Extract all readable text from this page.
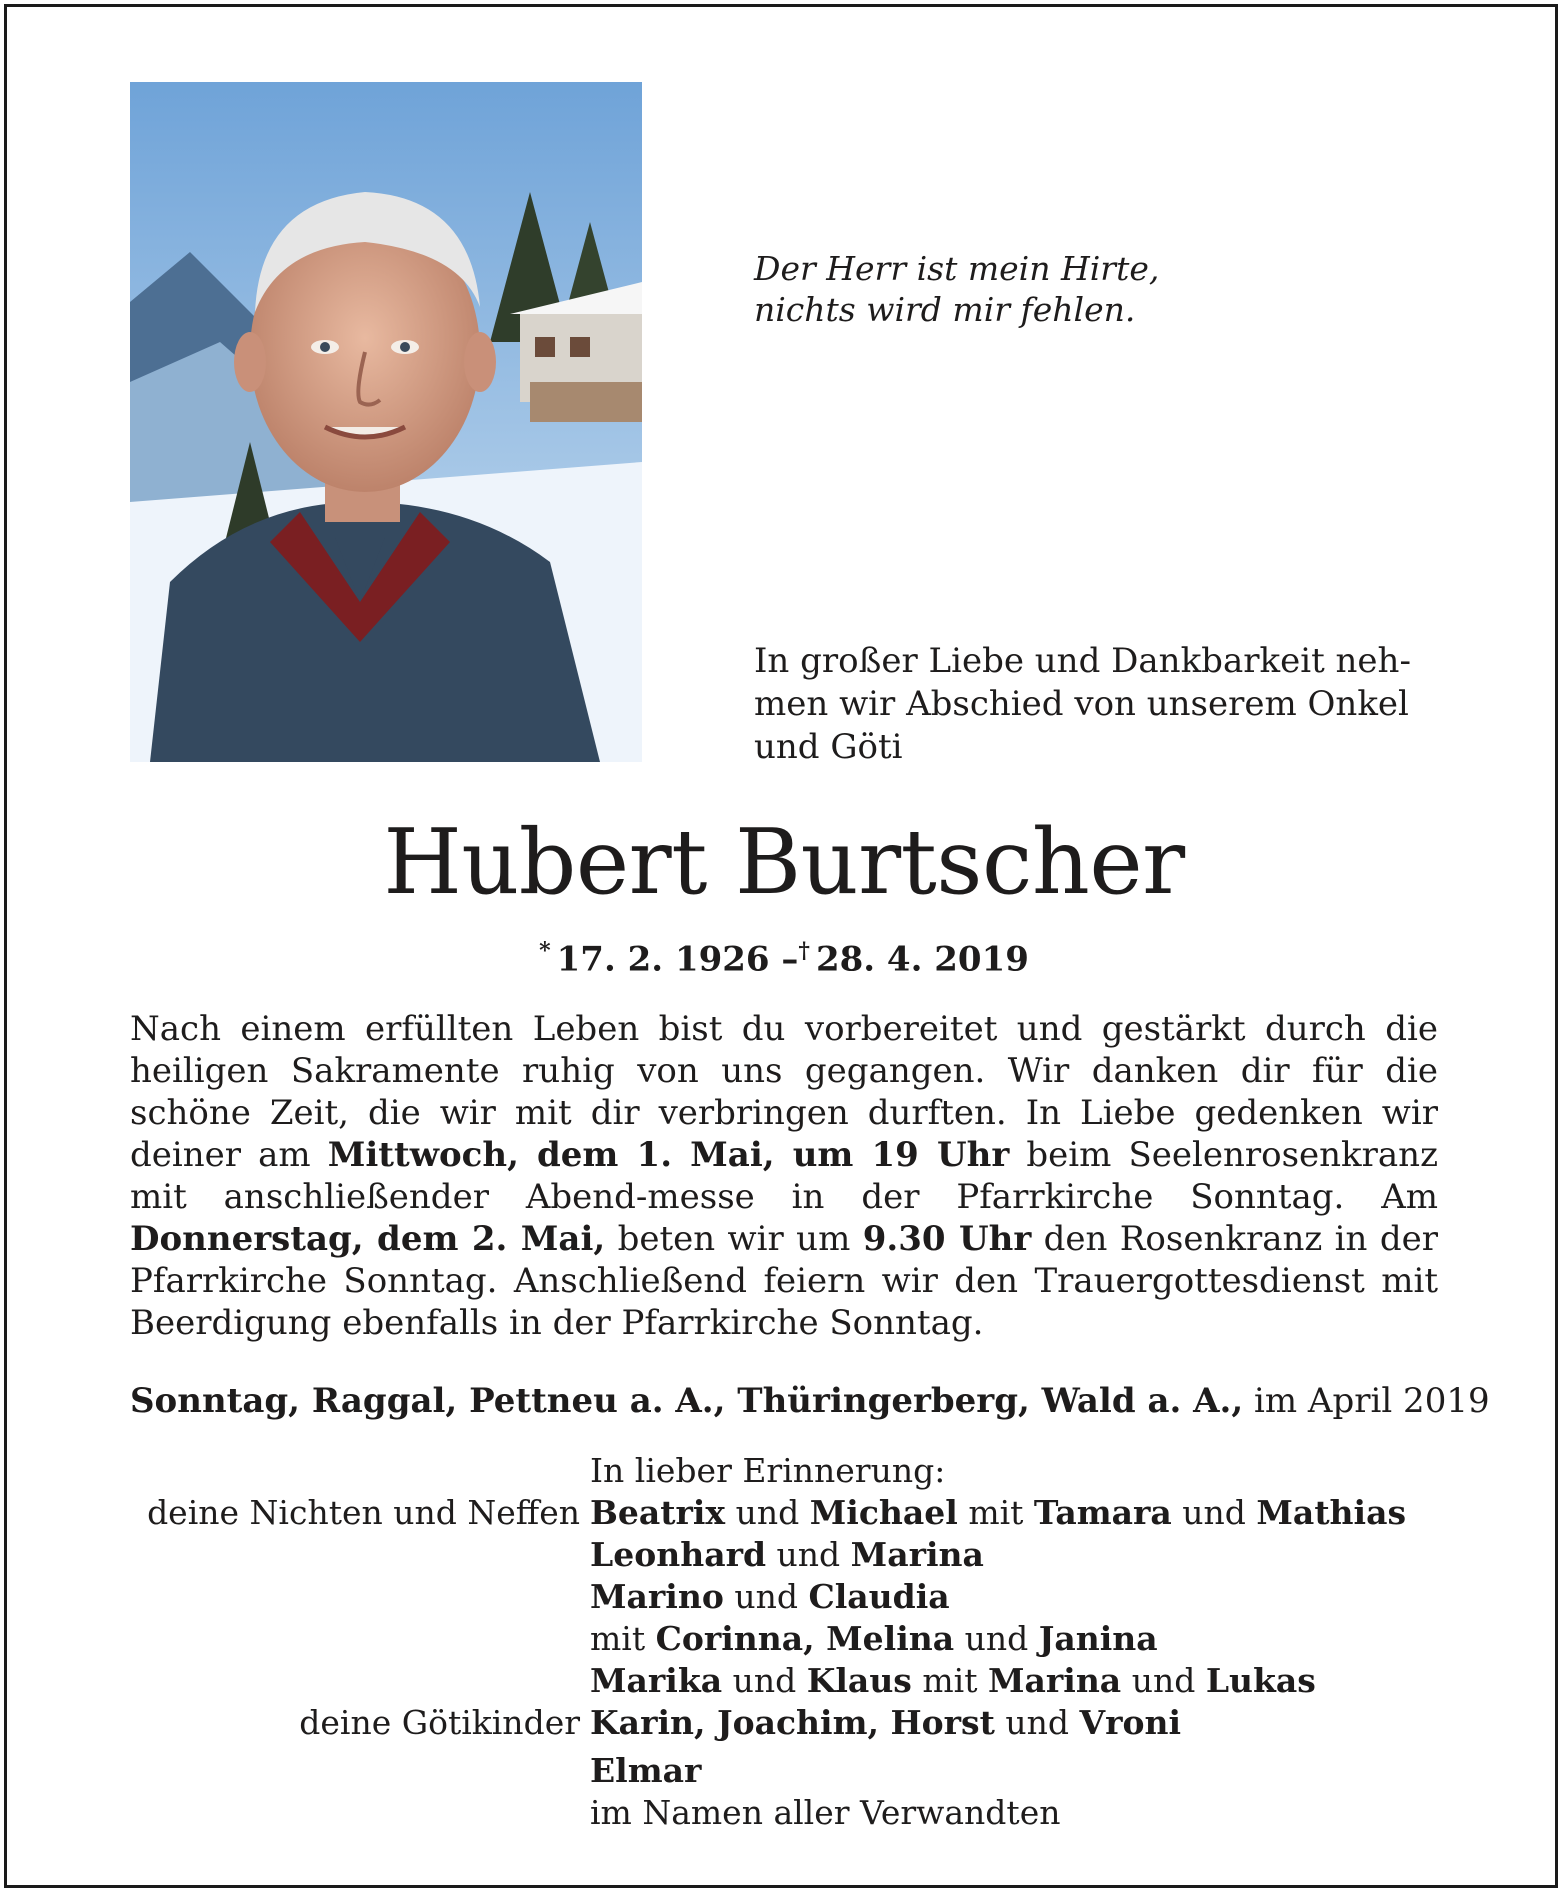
Der Herr ist mein Hirte,
nichts wird mir fehlen.
In großer Liebe und Dankbarkeit neh-
men wir Abschied von unserem Onkel
und Göti
Hubert Burtscher
* 17. 2. 1926 –† 28. 4. 2019
Nach einem erfüllten Leben bist du vorbereitet und gestärkt durch die heiligen Sakramente ruhig von uns gegangen. Wir danken dir für die schöne Zeit, die wir mit dir verbringen durften. In Liebe gedenken wir deiner am Mittwoch, dem 1. Mai, um 19 Uhr beim Seelenrosenkranz mit anschließender Abend-messe in der Pfarrkirche Sonntag. Am Donnerstag, dem 2. Mai, beten wir um 9.30 Uhr den Rosenkranz in der Pfarrkirche Sonntag. Anschließend feiern wir den Trauergottesdienst mit Beerdigung ebenfalls in der Pfarrkirche Sonntag.
Sonntag, Raggal, Pettneu a. A., Thüringerberg, Wald a. A., im April 2019
In lieber Erinnerung:
deine Nichten und Neffen Beatrix und Michael mit Tamara und Mathias
Leonhard und Marina
Marino und Claudia
mit Corinna, Melina und Janina
Marika und Klaus mit Marina und Lukas
deine Götikinder Karin, Joachim, Horst und Vroni
Elmar
im Namen aller Verwandten
